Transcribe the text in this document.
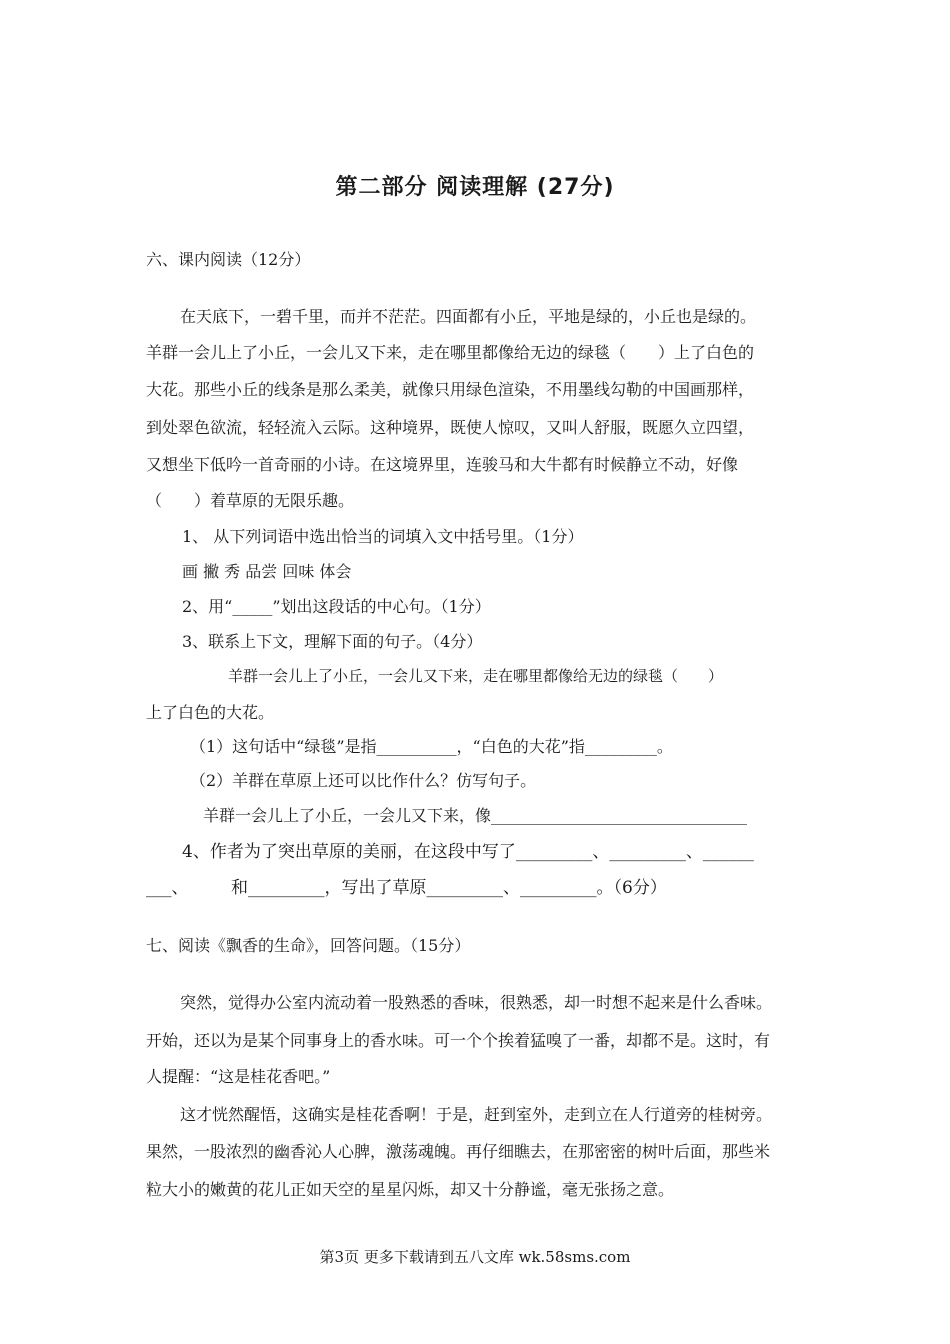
第二部分 阅读理解 (27分)
六、课内阅读（12分）
在天底下，一碧千里，而并不茫茫。四面都有小丘，平地是绿的，小丘也是绿的。
羊群一会儿上了小丘，一会儿又下来，走在哪里都像给无边的绿毯（　　）上了白色的
大花。那些小丘的线条是那么柔美，就像只用绿色渲染，不用墨线勾勒的中国画那样，
到处翠色欲流，轻轻流入云际。这种境界，既使人惊叹，又叫人舒服，既愿久立四望，
又想坐下低吟一首奇丽的小诗。在这境界里，连骏马和大牛都有时候静立不动，好像
（　　）着草原的无限乐趣。
1、 从下列词语中选出恰当的词填入文中括号里。（1分）
画 撇 秀 品尝 回味 体会
2、用“_____”划出这段话的中心句。（1分）
3、联系上下文，理解下面的句子。（4分）
羊群一会儿上了小丘，一会儿又下来，走在哪里都像给无边的绿毯（　　）
上了白色的大花。
（1）这句话中“绿毯”是指__________，“白色的大花”指_________。
（2）羊群在草原上还可以比作什么？仿写句子。
羊群一会儿上了小丘，一会儿又下来，像________________________________
4、作者为了突出草原的美丽，在这段中写了_________、_________、______
___、　　　和_________，写出了草原_________、_________。（6分）
七、阅读《飘香的生命》，回答问题。（15分）
突然，觉得办公室内流动着一股熟悉的香味，很熟悉，却一时想不起来是什么香味。
开始，还以为是某个同事身上的香水味。可一个个挨着猛嗅了一番，却都不是。这时，有
人提醒：“这是桂花香吧。”
这才恍然醒悟，这确实是桂花香啊！于是，赶到室外，走到立在人行道旁的桂树旁。
果然，一股浓烈的幽香沁人心脾，激荡魂魄。再仔细瞧去，在那密密的树叶后面，那些米
粒大小的嫩黄的花儿正如天空的星星闪烁，却又十分静谧，毫无张扬之意。
第3页 更多下载请到五八文库 wk.58sms.com
